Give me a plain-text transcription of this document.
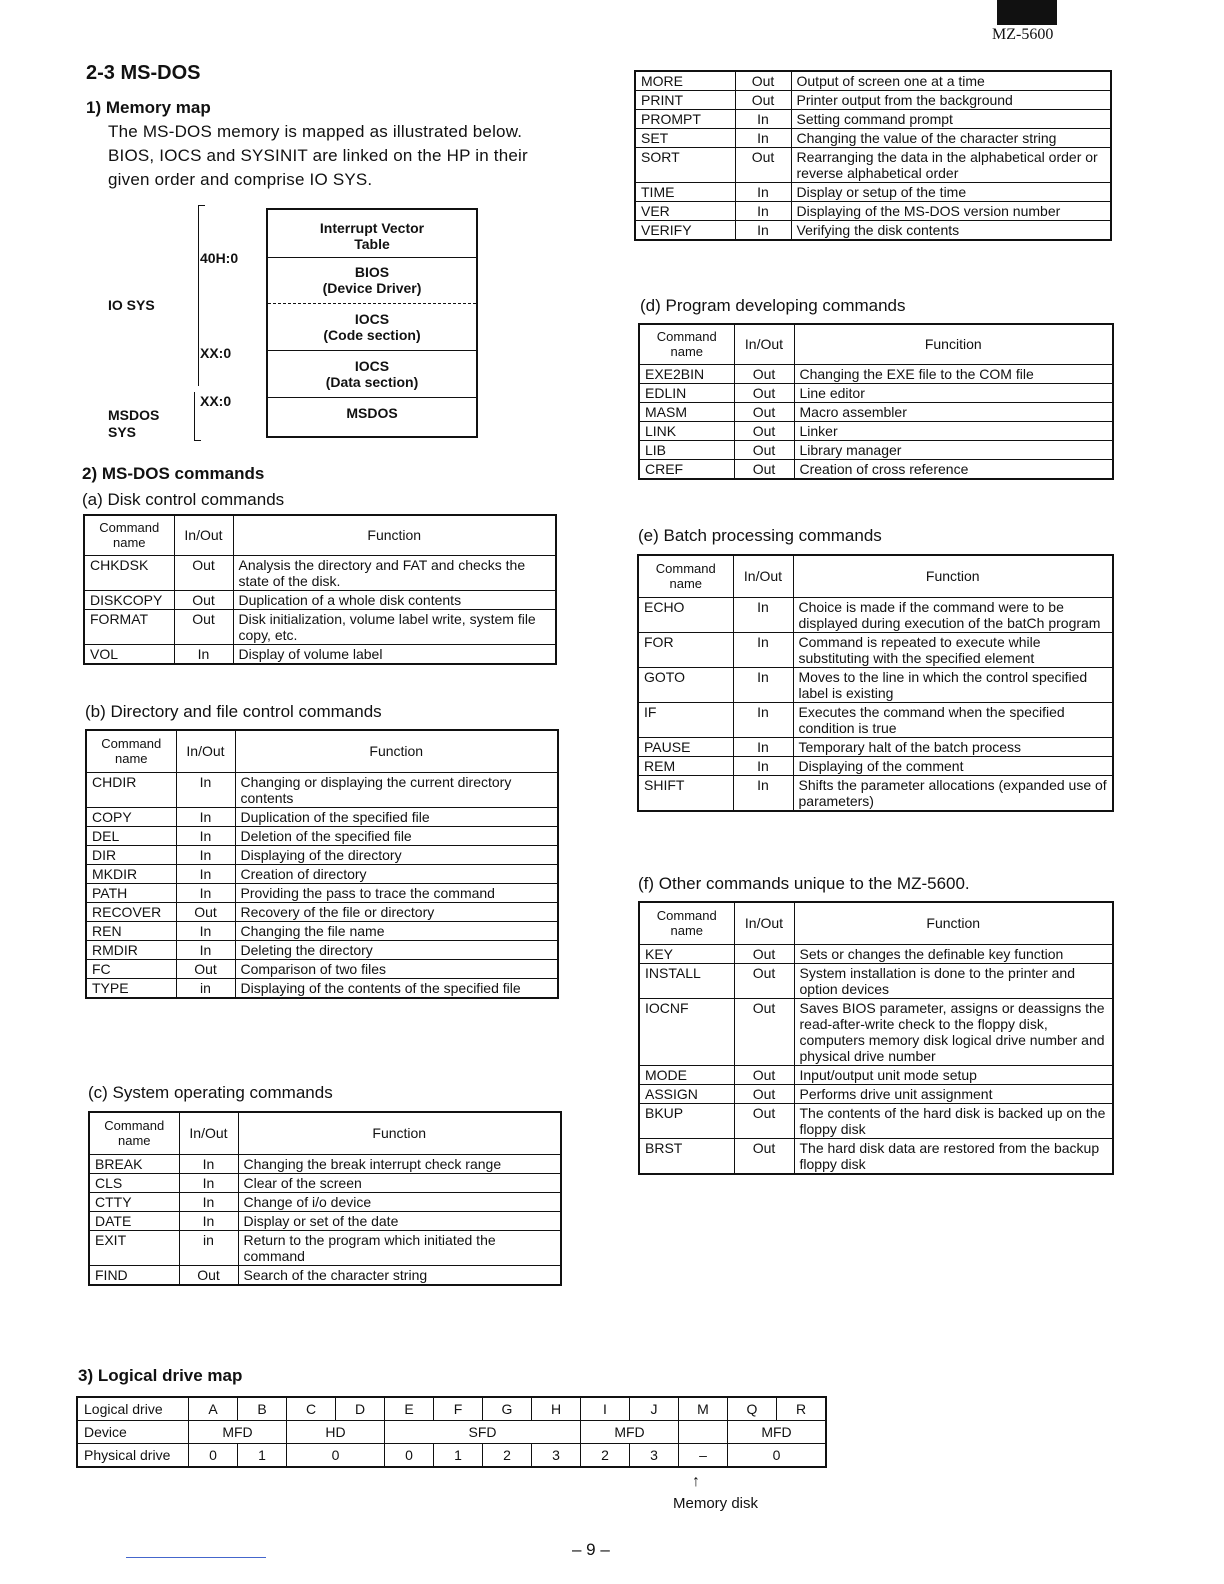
MZ-5600
2-3 MS-DOS
1) Memory map
The MS-DOS memory is mapped as illustrated below. BIOS, IOCS and SYSINIT are linked on the HP in their given order and comprise IO SYS.
IO SYS
MSDOS
SYS
40H:0
XX:0
XX:0
Interrupt Vector
Table
BIOS
(Device Driver)
IOCS
(Code section)
IOCS
(Data section)
MSDOS
2) MS-DOS commands
(a) Disk control commands
Command
name	In/Out	Function
CHKDSK	Out	Analysis the directory and FAT and checks the state of the disk.
DISKCOPY	Out	Duplication of a whole disk contents
FORMAT	Out	Disk initialization, volume label write, system file copy, etc.
VOL	In	Display of volume label
(b) Directory and file control commands
Command
name	In/Out	Function
CHDIR	In	Changing or displaying the current directory contents
COPY	In	Duplication of the specified file
DEL	In	Deletion of the specified file
DIR	In	Displaying of the directory
MKDIR	In	Creation of directory
PATH	In	Providing the pass to trace the command
RECOVER	Out	Recovery of the file or directory
REN	In	Changing the file name
RMDIR	In	Deleting the directory
FC	Out	Comparison of two files
TYPE	in	Displaying of the contents of the specified file
(c) System operating commands
Command
name	In/Out	Function
BREAK	In	Changing the break interrupt check range
CLS	In	Clear of the screen
CTTY	In	Change of i/o device
DATE	In	Display or set of the date
EXIT	in	Return to the program which initiated the command
FIND	Out	Search of the character string
MORE	Out	Output of screen one at a time
PRINT	Out	Printer output from the background
PROMPT	In	Setting command prompt
SET	In	Changing the value of the character string
SORT	Out	Rearranging the data in the alphabetical order or reverse alphabetical order
TIME	In	Display or setup of the time
VER	In	Displaying of the MS-DOS version number
VERIFY	In	Verifying the disk contents
(d) Program developing commands
Command
name	In/Out	Funcition
EXE2BIN	Out	Changing the EXE file to the COM file
EDLIN	Out	Line editor
MASM	Out	Macro assembler
LINK	Out	Linker
LIB	Out	Library manager
CREF	Out	Creation of cross reference
(e) Batch processing commands
Command
name	In/Out	Function
ECHO	In	Choice is made if the command were to be displayed during execution of the batCh program
FOR	In	Command is repeated to execute while substituting with the specified element
GOTO	In	Moves to the line in which the control specified label is existing
IF	In	Executes the command when the specified condition is true
PAUSE	In	Temporary halt of the batch process
REM	In	Displaying of the comment
SHIFT	In	Shifts the parameter allocations (expanded use of parameters)
(f) Other commands unique to the MZ-5600.
Command
name	In/Out	Function
KEY	Out	Sets or changes the definable key function
INSTALL	Out	System installation is done to the printer and option devices
IOCNF	Out	Saves BIOS parameter, assigns or deassigns the read-after-write check to the floppy disk, computers memory disk logical drive number and physical drive number
MODE	Out	Input/output unit mode setup
ASSIGN	Out	Performs drive unit assignment
BKUP	Out	The contents of the hard disk is backed up on the floppy disk
BRST	Out	The hard disk data are restored from the backup floppy disk
3) Logical drive map
Logical drive	A	B	C	D	E	F	G	H	I	J	M	Q	R
Device	MFD		HD		SFD				MFD			MFD	
Physical drive	0	1	0		0	1	2	3	2	3	–	0	
↑
Memory disk
– 9 –
